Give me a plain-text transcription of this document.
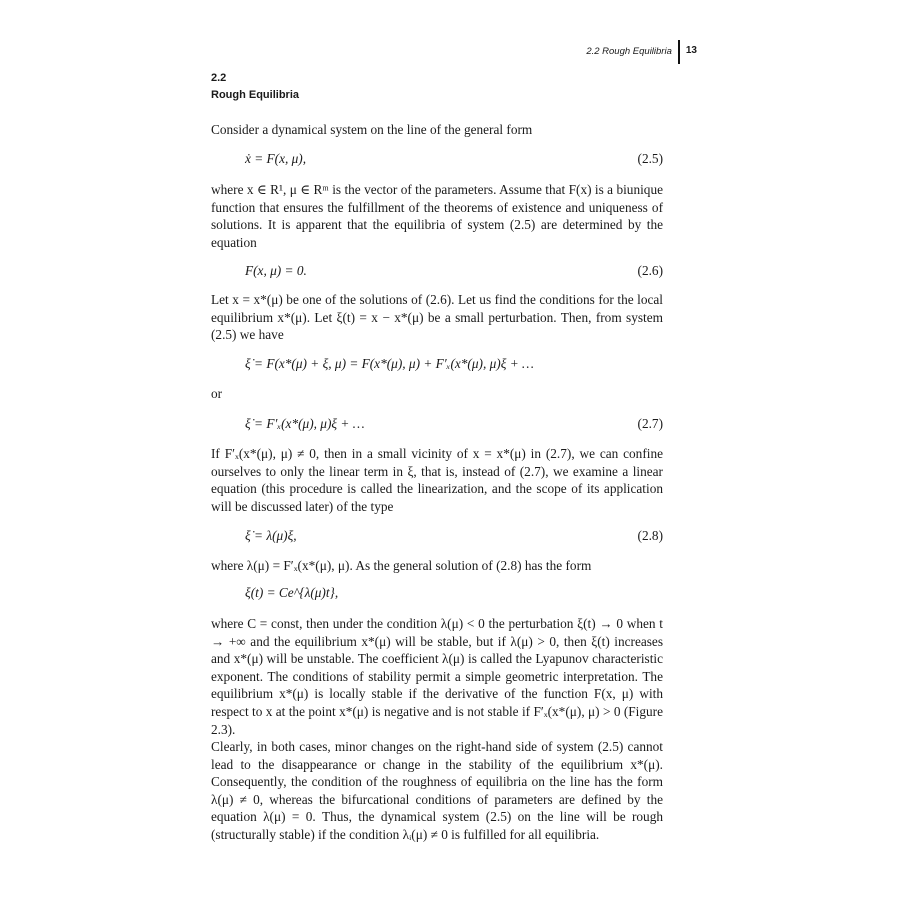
2.2 Rough Equilibria 13
2.2
Rough Equilibria
Consider a dynamical system on the line of the general form
ẋ = F(x, μ),	(2.5)
where x ∈ R¹, μ ∈ Rᵐ is the vector of the parameters. Assume that F(x) is a biunique function that ensures the fulfillment of the theorems of existence and uniqueness of solutions. It is apparent that the equilibria of system (2.5) are determined by the equation
F(x, μ) = 0.	(2.6)
Let x = x*(μ) be one of the solutions of (2.6). Let us find the conditions for the local equilibrium x*(μ). Let ξ(t) = x − x*(μ) be a small perturbation. Then, from system (2.5) we have
ξ̇ = F(x*(μ) + ξ, μ) = F(x*(μ), μ) + F′ₓ(x*(μ), μ)ξ + …
or
ξ̇ = F′ₓ(x*(μ), μ)ξ + …	(2.7)
If F′ₓ(x*(μ), μ) ≠ 0, then in a small vicinity of x = x*(μ) in (2.7), we can confine ourselves to only the linear term in ξ, that is, instead of (2.7), we examine a linear equation (this procedure is called the linearization, and the scope of its application will be discussed later) of the type
ξ̇ = λ(μ)ξ,	(2.8)
where λ(μ) = F′ₓ(x*(μ), μ). As the general solution of (2.8) has the form
ξ(t) = Ce^{λ(μ)t},
where C = const, then under the condition λ(μ) < 0 the perturbation ξ(t) → 0 when t → +∞ and the equilibrium x*(μ) will be stable, but if λ(μ) > 0, then ξ(t) increases and x*(μ) will be unstable. The coefficient λ(μ) is called the Lyapunov characteristic exponent. The conditions of stability permit a simple geometric interpretation. The equilibrium x*(μ) is locally stable if the derivative of the function F(x, μ) with respect to x at the point x*(μ) is negative and is not stable if F′ₓ(x*(μ), μ) > 0 (Figure 2.3).
Clearly, in both cases, minor changes on the right-hand side of system (2.5) cannot lead to the disappearance or change in the stability of the equilibrium x*(μ). Consequently, the condition of the roughness of equilibria on the line has the form λ(μ) ≠ 0, whereas the bifurcational conditions of parameters are defined by the equation λ(μ) = 0. Thus, the dynamical system (2.5) on the line will be rough (structurally stable) if the condition λᵢ(μ) ≠ 0 is fulfilled for all equilibria.
